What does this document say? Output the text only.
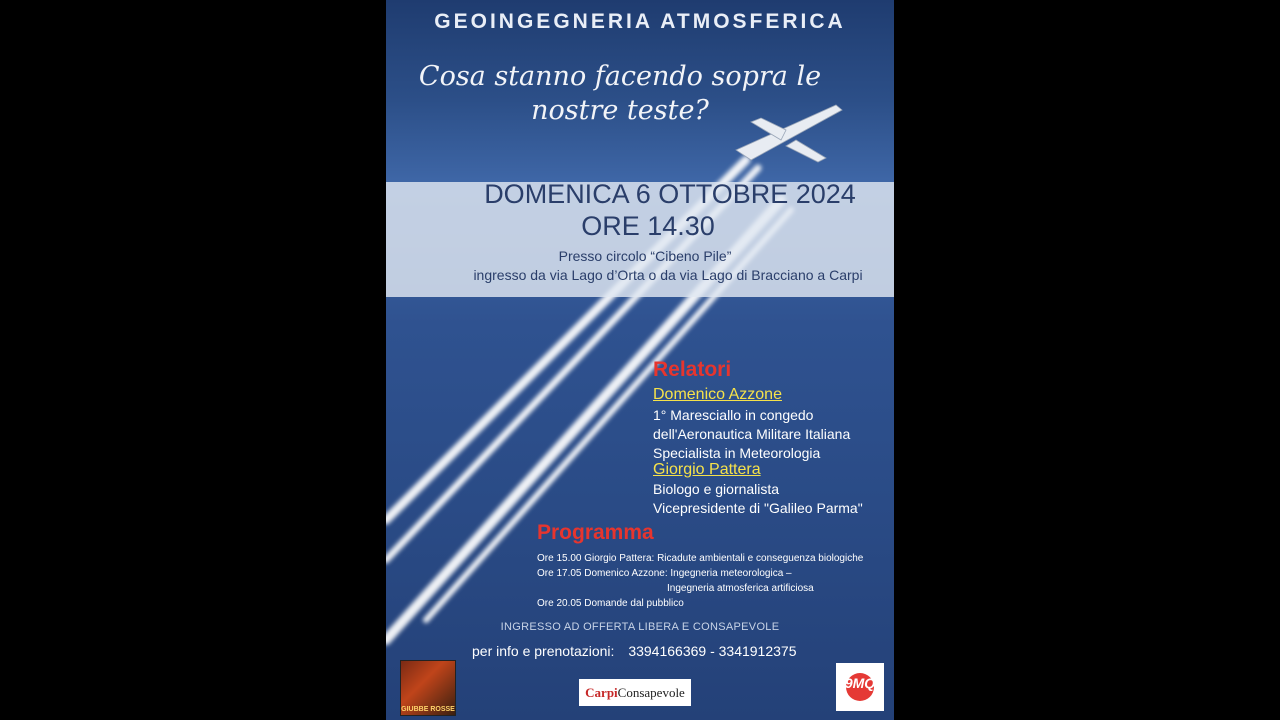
GEOINGEGNERIA ATMOSFERICA
Cosa stanno facendo sopra le
nostre teste?
DOMENICA 6 OTTOBRE 2024
ORE 14.30
Presso circolo “Cibeno Pile”
ingresso da via Lago d’Orta o da via Lago di Bracciano a Carpi
Relatori
Domenico Azzone
1° Maresciallo in congedo
dell'Aeronautica Militare Italiana
Specialista in Meteorologia
Giorgio Pattera
Biologo e giornalista
Vicepresidente di "Galileo Parma"
Programma
Ore 15.00 Giorgio Pattera: Ricadute ambientali e conseguenza biologiche
Ore 17.05 Domenico Azzone: Ingegneria meteorologica –
Ingegneria atmosferica artificiosa
Ore 20.05 Domande dal pubblico
INGRESSO AD OFFERTA LIBERA E CONSAPEVOLE
per info e prenotazioni: 3394166369 - 3341912375
GIUBBE ROSSE
CarpiConsapevole
9MQ
